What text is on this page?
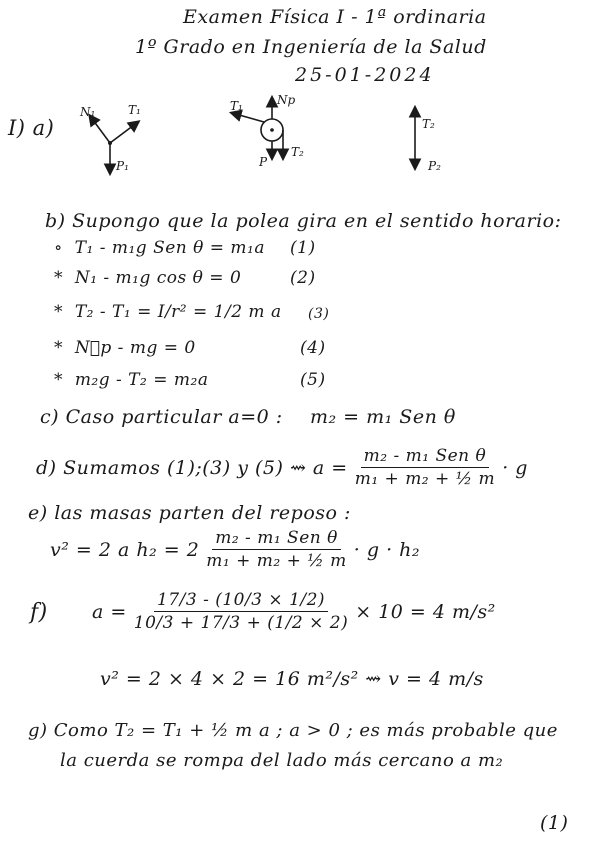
Examen Física I - 1ª ordinaria
1º Grado en Ingeniería de la Salud
25-01-2024
I) a)
N₁	T₁
P₁
Np
T₁
P
T₂
T₂
P₂
b) Supongo que la polea gira en el sentido horario:
∘ T₁ - m₁g Sen θ = m₁a (1)
* N₁ - m₁g cos θ = 0	(2)
* T₂ - T₁ = I/r² = 1/2 m a (3)
* N⃗p - mg = 0	(4)
* m₂g - T₂ = m₂a	(5)
c) Caso particular a=0 : m₂ = m₁ Sen θ
d) Sumamos (1);(3) y (5) ⇝ $a = \frac{\text{m₂ - m₁ Sen θ}}{\text{m₁ + m₂ + ½ m}} \cdot g$
e) las masas parten del reposo :
v² = 2 a $h_2 = 2 \frac{\text{m₂ - m₁ Sen θ}}{\text{m₁ + m₂ + ½ m}} \cdot g \cdot h_2$
f) $a = \frac{17/3 - (10/3 \times 1/2)}{10/3 + 17/3 + (1/2 \times 2)} \times 10 = 4$ m/s²
v² = 2 × 4 × 2 = 16 m²/s² ⇝ v = 4 m/s
g) Como T₂ = T₁ + ½ m a ; a > 0 ; es más probable que
la cuerda se rompa del lado más cercano a m₂
(1)
